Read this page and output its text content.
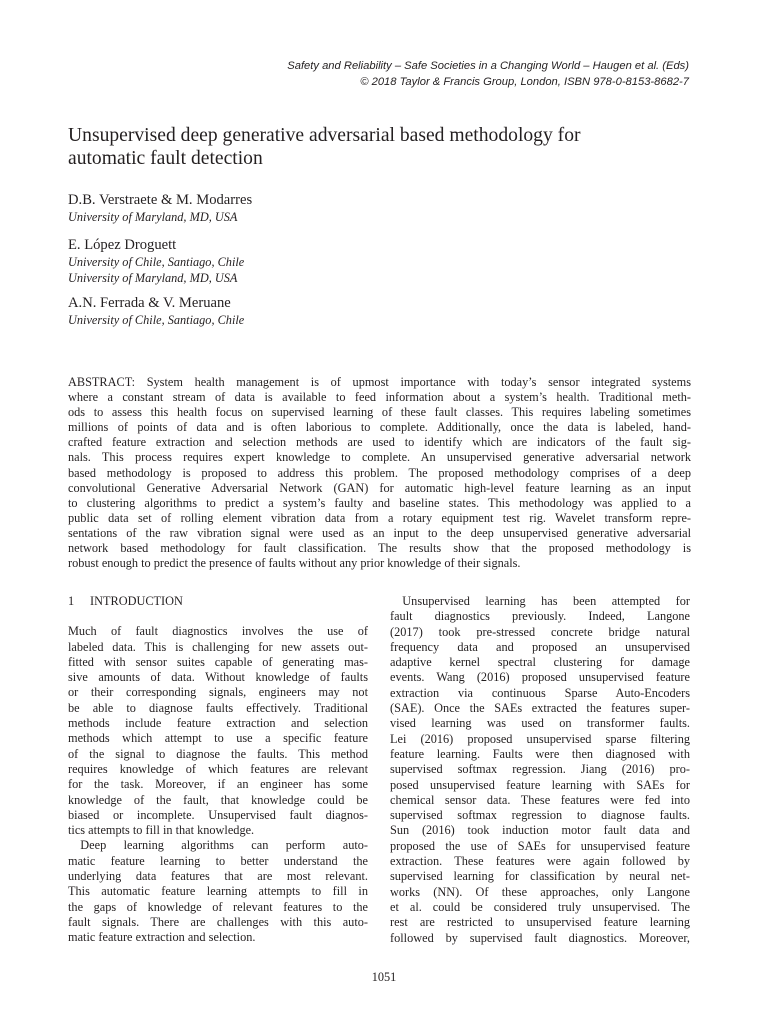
Safety and Reliability – Safe Societies in a Changing World – Haugen et al. (Eds)
© 2018 Taylor & Francis Group, London, ISBN 978-0-8153-8682-7
Unsupervised deep generative adversarial based methodology for
automatic fault detection
D.B. Verstraete & M. Modarres
University of Maryland, MD, USA
E. López Droguett
University of Chile, Santiago, Chile
University of Maryland, MD, USA
A.N. Ferrada & V. Meruane
University of Chile, Santiago, Chile
ABSTRACT: System health management is of upmost importance with today’s sensor integrated systems
where a constant stream of data is available to feed information about a system’s health. Traditional meth-
ods to assess this health focus on supervised learning of these fault classes. This requires labeling sometimes
millions of points of data and is often laborious to complete. Additionally, once the data is labeled, hand-
crafted feature extraction and selection methods are used to identify which are indicators of the fault sig-
nals. This process requires expert knowledge to complete. An unsupervised generative adversarial network
based methodology is proposed to address this problem. The proposed methodology comprises of a deep
convolutional Generative Adversarial Network (GAN) for automatic high-level feature learning as an input
to clustering algorithms to predict a system’s faulty and baseline states. This methodology was applied to a
public data set of rolling element vibration data from a rotary equipment test rig. Wavelet transform repre-
sentations of the raw vibration signal were used as an input to the deep unsupervised generative adversarial
network based methodology for fault classification. The results show that the proposed methodology is
robust enough to predict the presence of faults without any prior knowledge of their signals.
1 INTRODUCTION
Much of fault diagnostics involves the use of
labeled data. This is challenging for new assets out-
fitted with sensor suites capable of generating mas-
sive amounts of data. Without knowledge of faults
or their corresponding signals, engineers may not
be able to diagnose faults effectively. Traditional
methods include feature extraction and selection
methods which attempt to use a specific feature
of the signal to diagnose the faults. This method
requires knowledge of which features are relevant
for the task. Moreover, if an engineer has some
knowledge of the fault, that knowledge could be
biased or incomplete. Unsupervised fault diagnos-
tics attempts to fill in that knowledge.
 Deep learning algorithms can perform auto-
matic feature learning to better understand the
underlying data features that are most relevant.
This automatic feature learning attempts to fill in
the gaps of knowledge of relevant features to the
fault signals. There are challenges with this auto-
matic feature extraction and selection.
 Unsupervised learning has been attempted for
fault diagnostics previously. Indeed, Langone
(2017) took pre-stressed concrete bridge natural
frequency data and proposed an unsupervised
adaptive kernel spectral clustering for damage
events. Wang (2016) proposed unsupervised feature
extraction via continuous Sparse Auto-Encoders
(SAE). Once the SAEs extracted the features super-
vised learning was used on transformer faults.
Lei (2016) proposed unsupervised sparse filtering
feature learning. Faults were then diagnosed with
supervised softmax regression. Jiang (2016) pro-
posed unsupervised feature learning with SAEs for
chemical sensor data. These features were fed into
supervised softmax regression to diagnose faults.
Sun (2016) took induction motor fault data and
proposed the use of SAEs for unsupervised feature
extraction. These features were again followed by
supervised learning for classification by neural net-
works (NN). Of these approaches, only Langone
et al. could be considered truly unsupervised. The
rest are restricted to unsupervised feature learning
followed by supervised fault diagnostics. Moreover,
1051
